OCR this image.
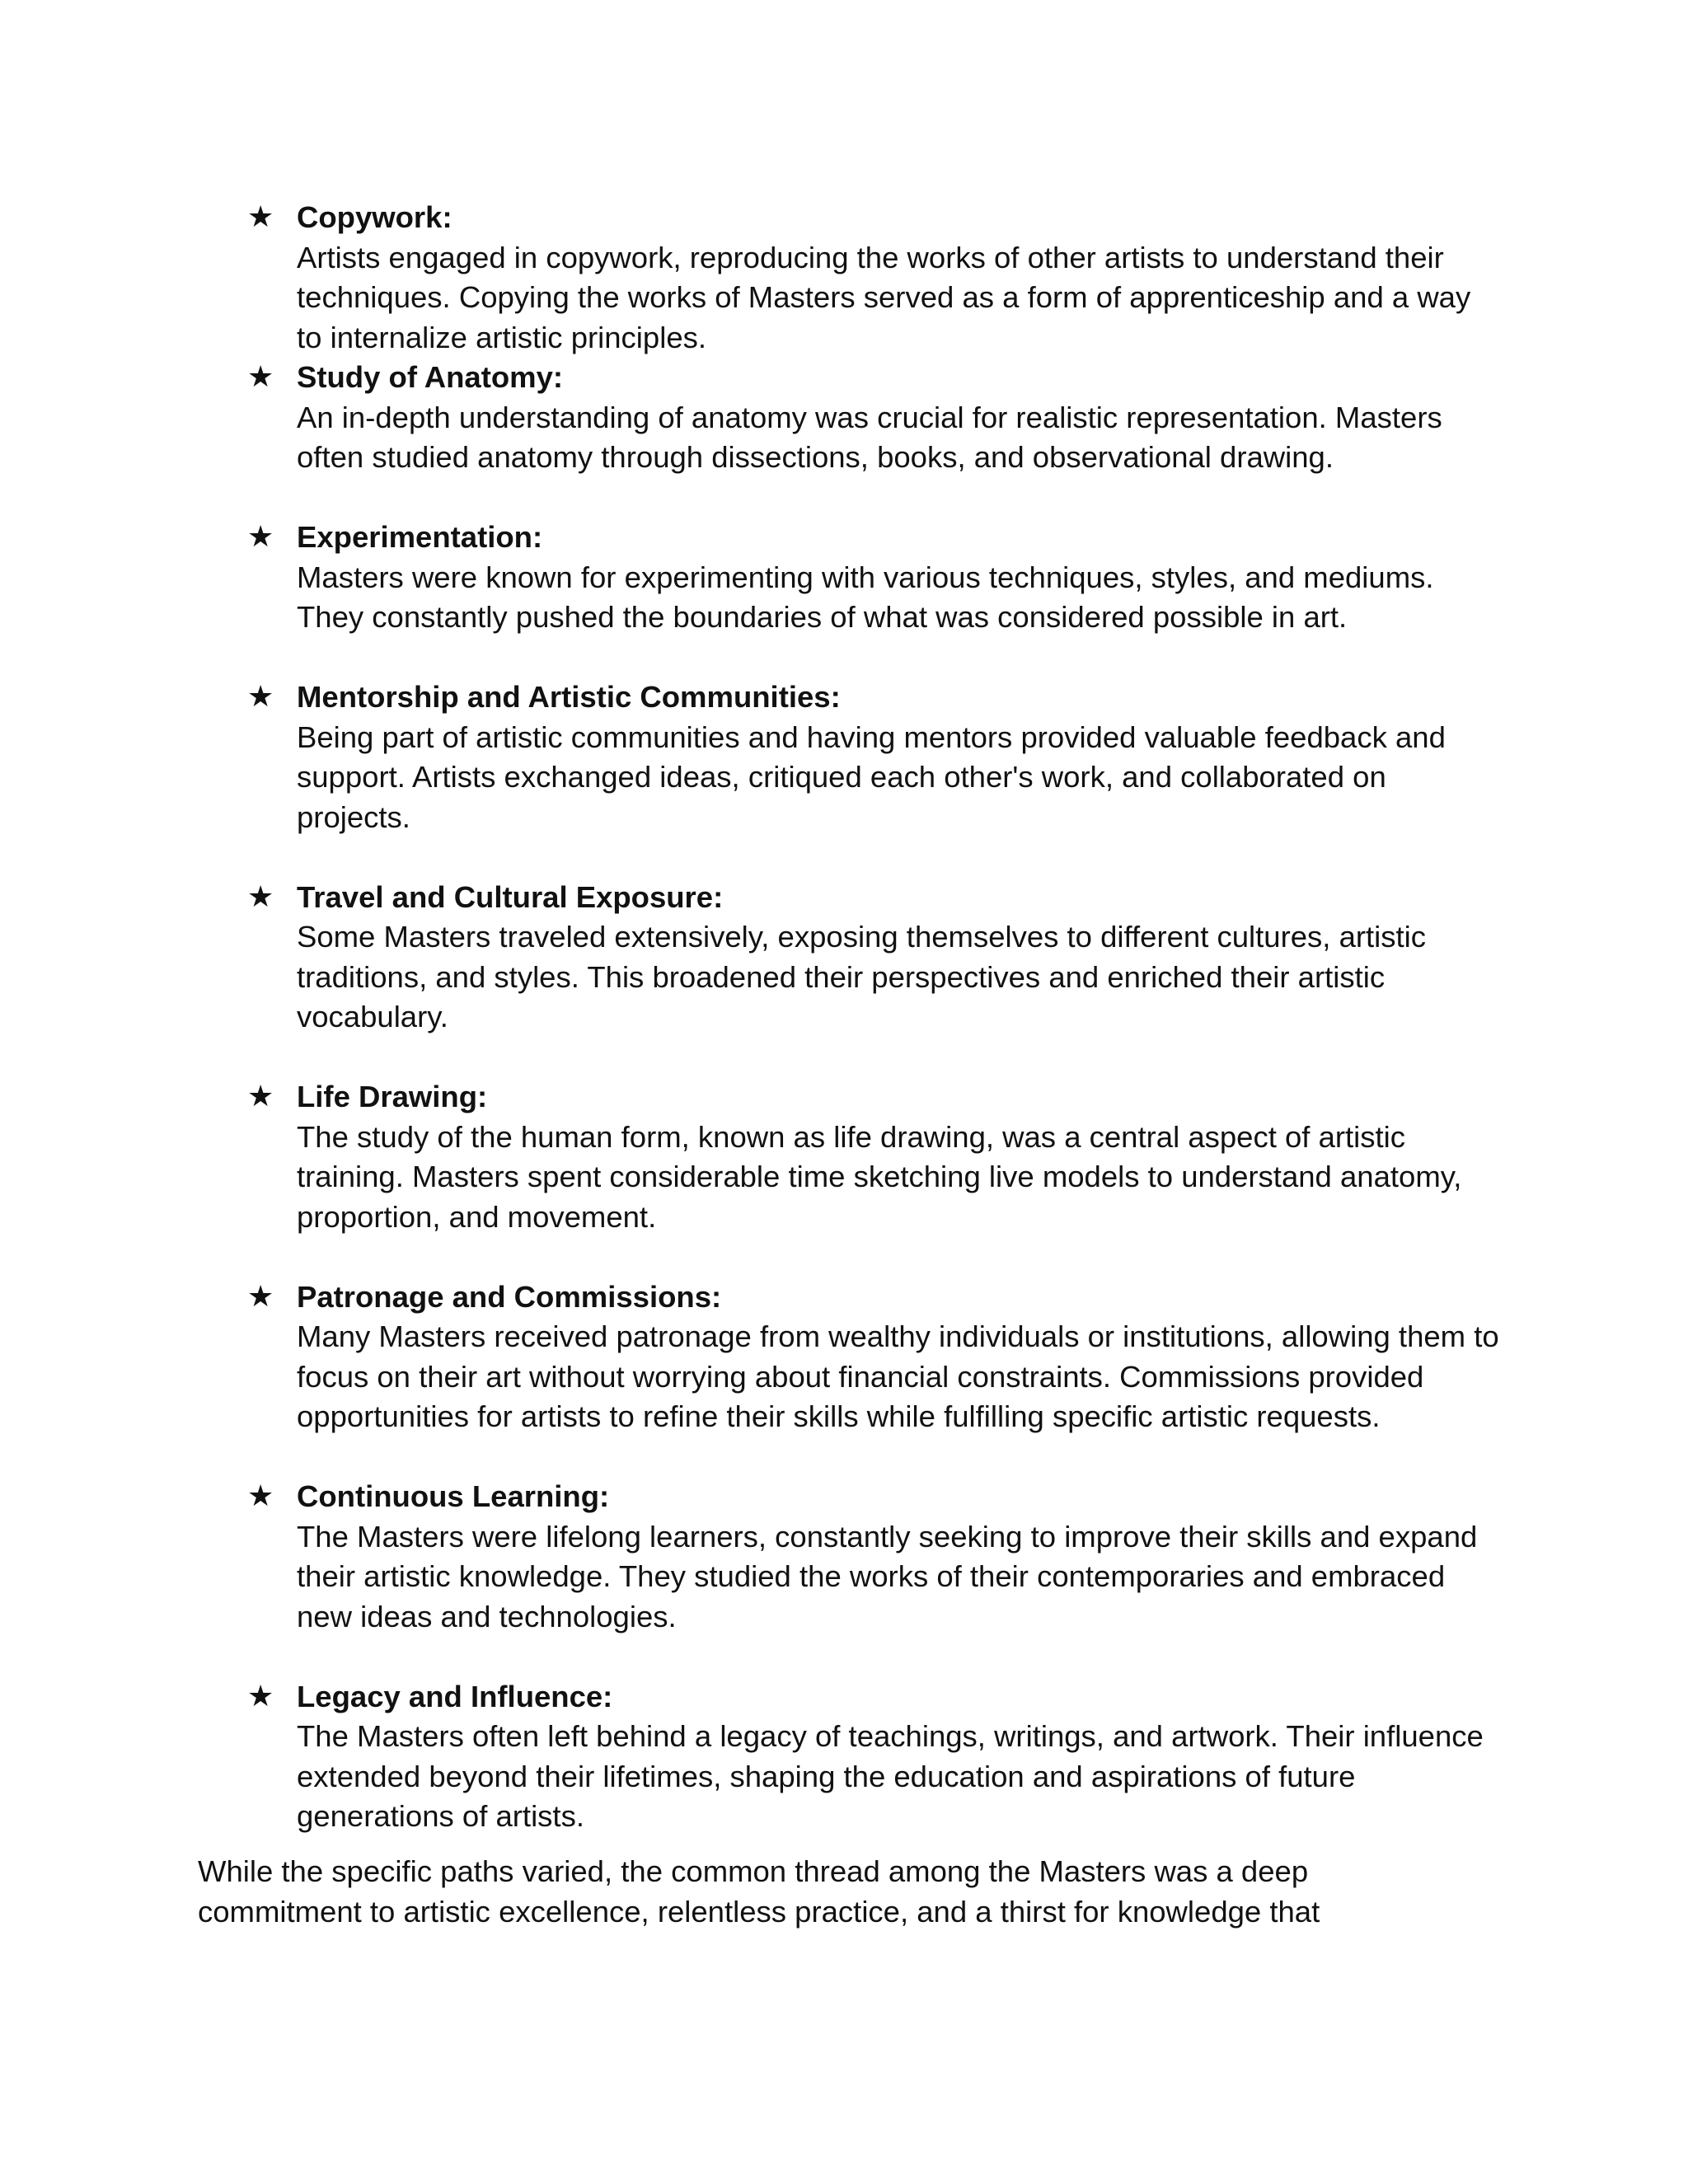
★ Copywork:
Artists engaged in copywork, reproducing the works of other artists to understand their techniques. Copying the works of Masters served as a form of apprenticeship and a way to internalize artistic principles.
★ Study of Anatomy:
An in-depth understanding of anatomy was crucial for realistic representation. Masters often studied anatomy through dissections, books, and observational drawing.
★ Experimentation:
Masters were known for experimenting with various techniques, styles, and mediums. They constantly pushed the boundaries of what was considered possible in art.
★ Mentorship and Artistic Communities:
Being part of artistic communities and having mentors provided valuable feedback and support. Artists exchanged ideas, critiqued each other's work, and collaborated on projects.
★ Travel and Cultural Exposure:
Some Masters traveled extensively, exposing themselves to different cultures, artistic traditions, and styles. This broadened their perspectives and enriched their artistic vocabulary.
★ Life Drawing:
The study of the human form, known as life drawing, was a central aspect of artistic training. Masters spent considerable time sketching live models to understand anatomy, proportion, and movement.
★ Patronage and Commissions:
Many Masters received patronage from wealthy individuals or institutions, allowing them to focus on their art without worrying about financial constraints. Commissions provided opportunities for artists to refine their skills while fulfilling specific artistic requests.
★ Continuous Learning:
The Masters were lifelong learners, constantly seeking to improve their skills and expand their artistic knowledge. They studied the works of their contemporaries and embraced new ideas and technologies.
★ Legacy and Influence:
The Masters often left behind a legacy of teachings, writings, and artwork. Their influence extended beyond their lifetimes, shaping the education and aspirations of future generations of artists.

While the specific paths varied, the common thread among the Masters was a deep commitment to artistic excellence, relentless practice, and a thirst for knowledge that
